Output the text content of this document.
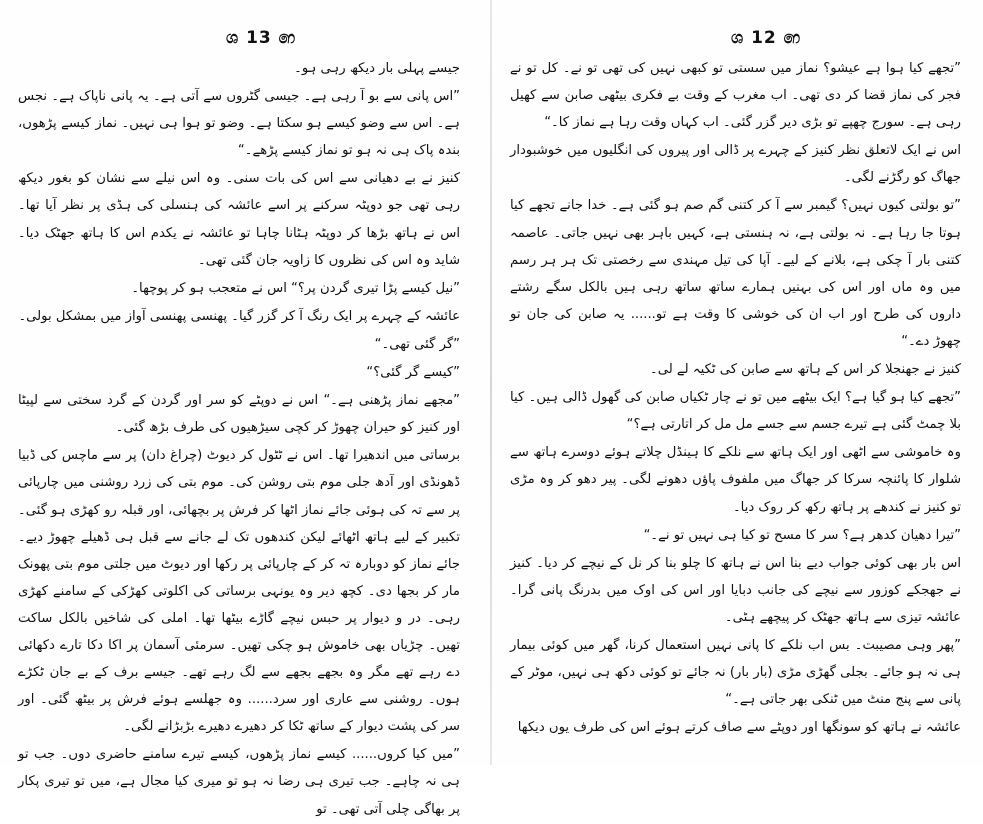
ශ 13 ෨

جیسے پہلی بار دیکھ رہی ہو۔

”اس پانی سے بو آ رہی ہے۔ جیسی گٹروں سے آتی ہے۔ یہ پانی ناپاک ہے۔ نجس ہے۔ اس سے وضو کیسے ہو سکتا ہے۔ وضو تو ہوا ہی نہیں۔ نماز کیسے پڑھوں، بندہ پاک ہی نہ ہو تو نماز کیسے پڑھے۔“

کنیز نے بے دھیانی سے اس کی بات سنی۔ وہ اس نیلے سے نشان کو بغور دیکھ رہی تھی جو دوپٹہ سرکنے پر اسے عائشہ کی ہنسلی کی ہڈی پر نظر آیا تھا۔ اس نے ہاتھ بڑھا کر دوپٹہ ہٹانا چاہا تو عائشہ نے یکدم اس کا ہاتھ جھٹک دیا۔ شاید وہ اس کی نظروں کا زاویہ جان گئی تھی۔

”نیل کیسے پڑا تیری گردن پر؟“ اس نے متعجب ہو کر پوچھا۔

عائشہ کے چہرے پر ایک رنگ آ کر گزر گیا۔ پھنسی پھنسی آواز میں بمشکل بولی۔

”گر گئی تھی۔“

”کیسے گر گئی؟“

”مجھے نماز پڑھنی ہے۔“ اس نے دوپٹے کو سر اور گردن کے گرد سختی سے لپیٹا اور کنیز کو حیران چھوڑ کر کچی سیڑھیوں کی طرف بڑھ گئی۔

برساتی میں اندھیرا تھا۔ اس نے ٹٹول کر دیوٹ (چراغ دان) پر سے ماچس کی ڈبیا ڈھونڈی اور آدھ جلی موم بتی روشن کی۔ موم بتی کی زرد روشنی میں چارپائی پر سے تہ کی ہوئی جائے نماز اٹھا کر فرش پر بچھائی، اور قبلہ رو کھڑی ہو گئی۔ تکبیر کے لیے ہاتھ اٹھائے لیکن کندھوں تک لے جانے سے قبل ہی ڈھیلے چھوڑ دیے۔ جائے نماز کو دوبارہ تہ کر کے چارپائی پر رکھا اور دیوٹ میں جلتی موم بتی پھونک مار کر بجھا دی۔ کچھ دیر وہ یونہی برساتی کی اکلوتی کھڑکی کے سامنے کھڑی رہی۔ در و دیوار پر حبس نیچے گاڑے بیٹھا تھا۔ املی کی شاخیں بالکل ساکت تھیں۔ چڑیاں بھی خاموش ہو چکی تھیں۔ سرمئی آسمان پر اکا دکا تارے دکھائی دے رہے تھے مگر وہ بجھے بجھے سے لگ رہے تھے۔ جیسے برف کے بے جان ٹکڑے ہوں۔ روشنی سے عاری اور سرد...... وہ جھلسے ہوئے فرش پر بیٹھ گئی۔ اور سر کی پشت دیوار کے ساتھ ٹکا کر دھیرے دھیرے بڑبڑانے لگی۔

”میں کیا کروں...... کیسے نماز پڑھوں، کیسے تیرے سامنے حاضری دوں۔ جب تو ہی نہ چاہے۔ جب تیری ہی رضا نہ ہو تو میری کیا مجال ہے، میں تو تیری پکار پر بھاگی چلی آتی تھی۔ تو

ශ 12 ෨

”تجھے کیا ہوا ہے عیشو؟ نماز میں سستی تو کبھی نہیں کی تھی تو نے۔ کل تو نے فجر کی نماز قضا کر دی تھی۔ اب مغرب کے وقت بے فکری بیٹھی صابن سے کھیل رہی ہے۔ سورج چھپے تو بڑی دیر گزر گئی۔ اب کہاں وقت رہا ہے نماز کا۔“

اس نے ایک لاتعلق نظر کنیز کے چہرے پر ڈالی اور پیروں کی انگلیوں میں خوشبودار جھاگ کو رگڑنے لگی۔

”تو بولتی کیوں نہیں؟ گیمبر سے آ کر کتنی گم صم ہو گئی ہے۔ خدا جانے تجھے کیا ہوتا جا رہا ہے۔ نہ بولتی ہے، نہ ہنستی ہے، کہیں باہر بھی نہیں جاتی۔ عاصمہ کتنی بار آ چکی ہے، بلانے کے لیے۔ آپا کی تیل مہندی سے رخصتی تک ہر ہر رسم میں وہ ماں اور اس کی بہنیں ہمارے ساتھ ساتھ رہی ہیں بالکل سگے رشتے داروں کی طرح اور اب ان کی خوشی کا وقت ہے تو...... یہ صابن کی جان تو چھوڑ دے۔“

کنیز نے جھنجلا کر اس کے ہاتھ سے صابن کی ٹکیہ لے لی۔

”تجھے کیا ہو گیا ہے؟ ایک بیٹھے میں تو نے چار ٹکیاں صابن کی گھول ڈالی ہیں۔ کیا بلا چمٹ گئی ہے تیرے جسم سے جسے مل مل کر اتارتی ہے؟“

وہ خاموشی سے اٹھی اور ایک ہاتھ سے نلکے کا ہینڈل چلاتے ہوئے دوسرے ہاتھ سے شلوار کا پائنچہ سرکا کر جھاگ میں ملفوف پاؤں دھونے لگی۔ پیر دھو کر وہ مڑی تو کنیز نے کندھے پر ہاتھ رکھ کر روک دیا۔

”تیرا دھیان کدھر ہے؟ سر کا مسح تو کیا ہی نہیں تو نے۔“

اس بار بھی کوئی جواب دیے بنا اس نے ہاتھ کا چلو بنا کر نل کے نیچے کر دیا۔ کنیز نے جھجکے کوزور سے نیچے کی جانب دبایا اور اس کی اوک میں بدرنگ پانی گرا۔ عائشہ تیزی سے ہاتھ جھٹک کر پیچھے ہٹی۔

”پھر وہی مصیبت۔ بس اب نلکے کا پانی نہیں استعمال کرنا، گھر میں کوئی بیمار ہی نہ ہو جائے۔ بجلی گھڑی مڑی (بار بار) نہ جائے تو کوئی دکھ ہی نہیں، موٹر کے پانی سے پنج منٹ میں ٹنکی بھر جاتی ہے۔“

عائشہ نے ہاتھ کو سونگھا اور دوپٹے سے صاف کرتے ہوئے اس کی طرف یوں دیکھا
